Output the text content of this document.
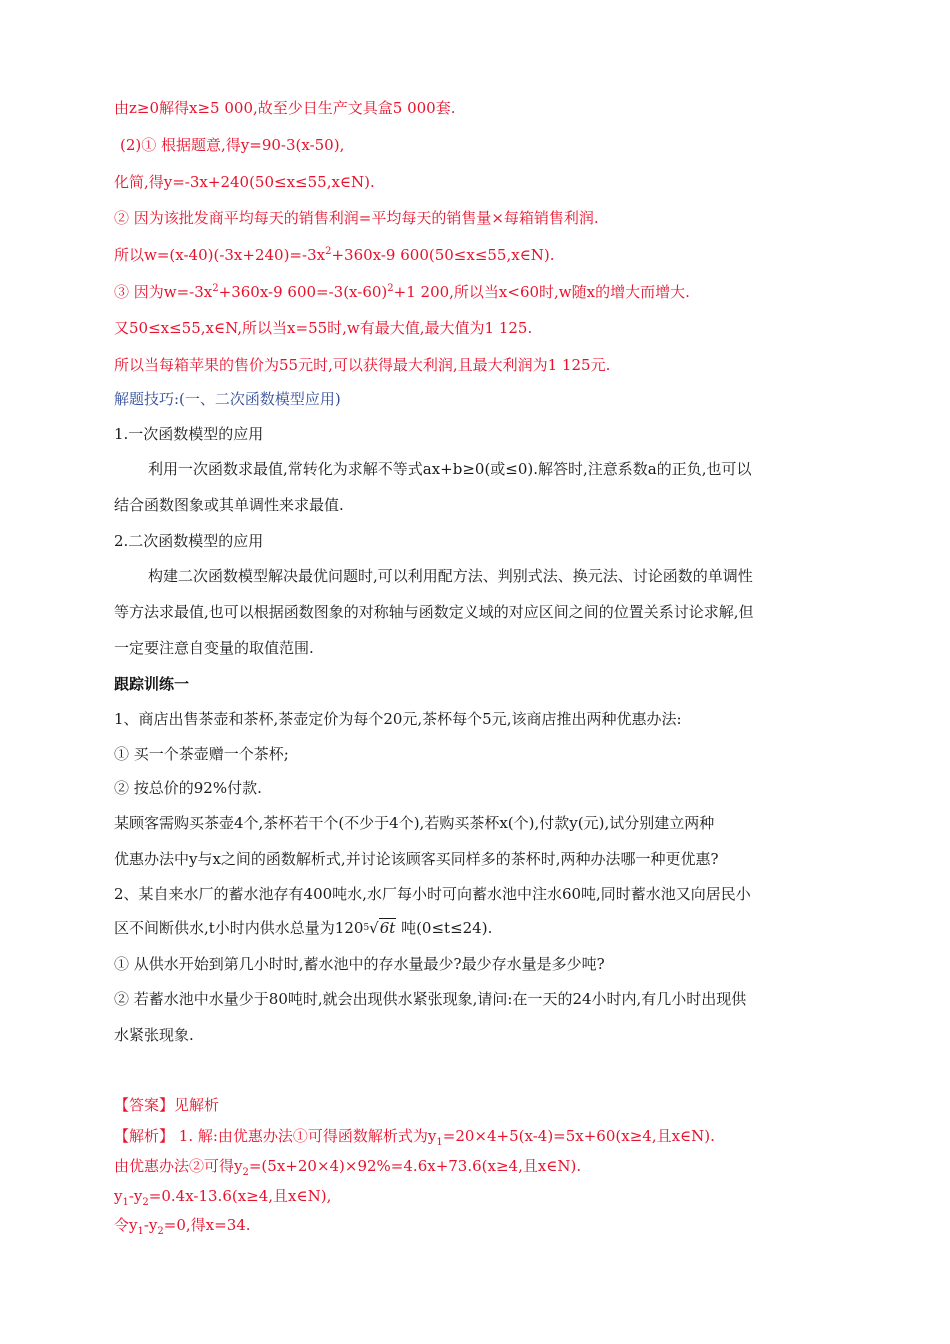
由z≥0解得x≥5 000,故至少日生产文具盒5 000套.
(2)① 根据题意,得y=90-3(x-50),
化简,得y=-3x+240(50≤x≤55,x∈N).
② 因为该批发商平均每天的销售利润=平均每天的销售量×每箱销售利润.
所以$w=(x-40)(-3x+240)=-3x^2+360x-9$ 600(50≤x≤55,x∈N).
③ 因为$w=-3x^2+360x-9$ $600=-3(x-60)^2+1$ 200,所以当x<60时,w随x的增大而增大.
又50≤x≤55,x∈N,所以当x=55时,w有最大值,最大值为1 125.
所以当每箱苹果的售价为55元时,可以获得最大利润,且最大利润为1 125元.
解题技巧:(一、二次函数模型应用)
1.一次函数模型的应用
利用一次函数求最值,常转化为求解不等式ax+b≥0(或≤0).解答时,注意系数a的正负,也可以
结合函数图象或其单调性来求最值.
2.二次函数模型的应用
构建二次函数模型解决最优问题时,可以利用配方法、判别式法、换元法、讨论函数的单调性
等方法求最值,也可以根据函数图象的对称轴与函数定义域的对应区间之间的位置关系讨论求解,但
一定要注意自变量的取值范围.
跟踪训练一
1、商店出售茶壶和茶杯,茶壶定价为每个20元,茶杯每个5元,该商店推出两种优惠办法:
① 买一个茶壶赠一个茶杯;
② 按总价的92%付款.
某顾客需购买茶壶4个,茶杯若干个(不少于4个),若购买茶杯x(个),付款y(元),试分别建立两种
优惠办法中y与x之间的函数解析式,并讨论该顾客买同样多的茶杯时,两种办法哪一种更优惠?
2、某自来水厂的蓄水池存有400吨水,水厂每小时可向蓄水池中注水60吨,同时蓄水池又向居民小
区不间断供水,t小时内供水总量为$120^5√6t$ 吨(0≤t≤24).
① 从供水开始到第几小时时,蓄水池中的存水量最少?最少存水量是多少吨?
② 若蓄水池中水量少于80吨时,就会出现供水紧张现象,请问:在一天的24小时内,有几小时出现供
水紧张现象.
【答案】见解析
【解析】 1. 解:由优惠办法①可得函数解析式为$y_1=20\times 4+5(x-4)=5x+60(x\ge 4$,且x∈N).
由优惠办法②可得$y_2=(5x+20\times 4)\times 92\%=4.6x+73.6(x\ge 4$,且x∈N).
$y_1-y_2=0.4x-13.6(x\ge 4$,且x∈N),
令$y_1-y_2=0$,得x=34.
